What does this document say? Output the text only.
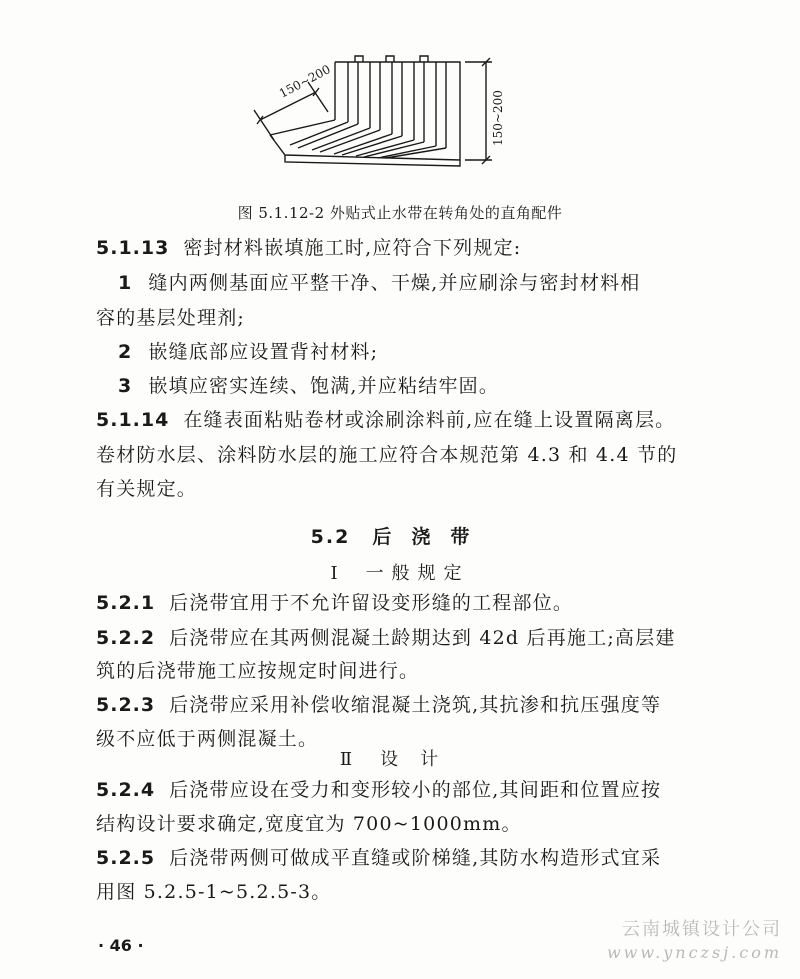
150~200
150~200
图 5.1.12-2 外贴式止水带在转角处的直角配件
5.1.13 密封材料嵌填施工时,应符合下列规定:
1 缝内两侧基面应平整干净、干燥,并应刷涂与密封材料相
容的基层处理剂;
2 嵌缝底部应设置背衬材料;
3 嵌填应密实连续、饱满,并应粘结牢固。
5.1.14 在缝表面粘贴卷材或涂刷涂料前,应在缝上设置隔离层。
卷材防水层、涂料防水层的施工应符合本规范第 4.3 和 4.4 节的
有关规定。
5.2 后浇带
Ⅰ 一般规定
5.2.1 后浇带宜用于不允许留设变形缝的工程部位。
5.2.2 后浇带应在其两侧混凝土龄期达到 42d 后再施工;高层建
筑的后浇带施工应按规定时间进行。
5.2.3 后浇带应采用补偿收缩混凝土浇筑,其抗渗和抗压强度等
级不应低于两侧混凝土。
Ⅱ 设计
5.2.4 后浇带应设在受力和变形较小的部位,其间距和位置应按
结构设计要求确定,宽度宜为 700~1000mm。
5.2.5 后浇带两侧可做成平直缝或阶梯缝,其防水构造形式宜采
用图 5.2.5-1~5.2.5-3。
· 46 ·
云南城镇设计公司
www.ynczsj.com
